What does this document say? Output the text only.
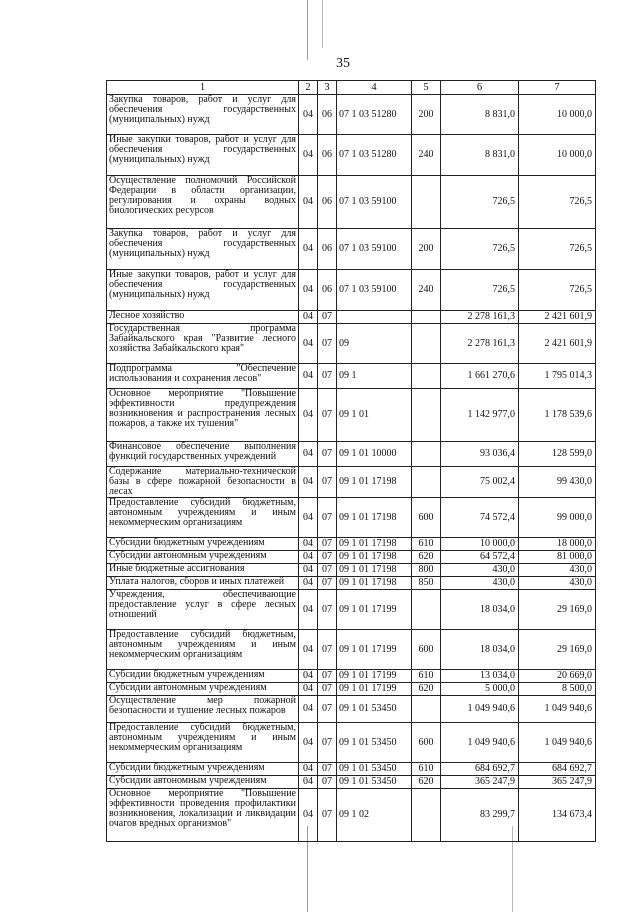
35
1	2	3	4	5	6	7
Закупка товаров, работ и услуг для обеспечения государственных (муниципальных) нужд	04	06	07 1 03 51280	200	8 831,0	10 000,0
Иные закупки товаров, работ и услуг для обеспечения государственных (муниципальных) нужд	04	06	07 1 03 51280	240	8 831,0	10 000,0
Осуществление полномочий Российской Федерации в области организации, регулирования и охраны водных биологических ресурсов	04	06	07 1 03 59100		726,5	726,5
Закупка товаров, работ и услуг для обеспечения государственных (муниципальных) нужд	04	06	07 1 03 59100	200	726,5	726,5
Иные закупки товаров, работ и услуг для обеспечения государственных (муниципальных) нужд	04	06	07 1 03 59100	240	726,5	726,5
Лесное хозяйство	04	07			2 278 161,3	2 421 601,9
Государственная программа Забайкальского края "Развитие лесного хозяйства Забайкальского края"	04	07	09		2 278 161,3	2 421 601,9
Подпрограмма "Обеспечение использования и сохранения лесов"	04	07	09 1		1 661 270,6	1 795 014,3
Основное мероприятие "Повышение эффективности предупреждения возникновения и распространения лесных пожаров, а также их тушения"	04	07	09 1 01		1 142 977,0	1 178 539,6
Финансовое обеспечение выполнения функций государственных учреждений	04	07	09 1 01 10000		93 036,4	128 599,0
Содержание материально-технической базы в сфере пожарной безопасности в лесах	04	07	09 1 01 17198		75 002,4	99 430,0
Предоставление субсидий бюджетным, автономным учреждениям и иным некоммерческим организациям	04	07	09 1 01 17198	600	74 572,4	99 000,0
Субсидии бюджетным учреждениям	04	07	09 1 01 17198	610	10 000,0	18 000,0
Субсидии автономным учреждениям	04	07	09 1 01 17198	620	64 572,4	81 000,0
Иные бюджетные ассигнования	04	07	09 1 01 17198	800	430,0	430,0
Уплата налогов, сборов и иных платежей	04	07	09 1 01 17198	850	430,0	430,0
Учреждения, обеспечивающие предоставление услуг в сфере лесных отношений	04	07	09 1 01 17199		18 034,0	29 169,0
Предоставление субсидий бюджетным, автономным учреждениям и иным некоммерческим организациям	04	07	09 1 01 17199	600	18 034,0	29 169,0
Субсидии бюджетным учреждениям	04	07	09 1 01 17199	610	13 034,0	20 669,0
Субсидии автономным учреждениям	04	07	09 1 01 17199	620	5 000,0	8 500,0
Осуществление мер пожарной безопасности и тушение лесных пожаров	04	07	09 1 01 53450		1 049 940,6	1 049 940,6
Предоставление субсидий бюджетным, автономным учреждениям и иным некоммерческим организациям	04	07	09 1 01 53450	600	1 049 940,6	1 049 940,6
Субсидии бюджетным учреждениям	04	07	09 1 01 53450	610	684 692,7	684 692,7
Субсидии автономным учреждениям	04	07	09 1 01 53450	620	365 247,9	365 247,9
Основное мероприятие "Повышение эффективности проведения профилактики возникновения, локализации и ликвидации очагов вредных организмов"	04	07	09 1 02		83 299,7	134 673,4
